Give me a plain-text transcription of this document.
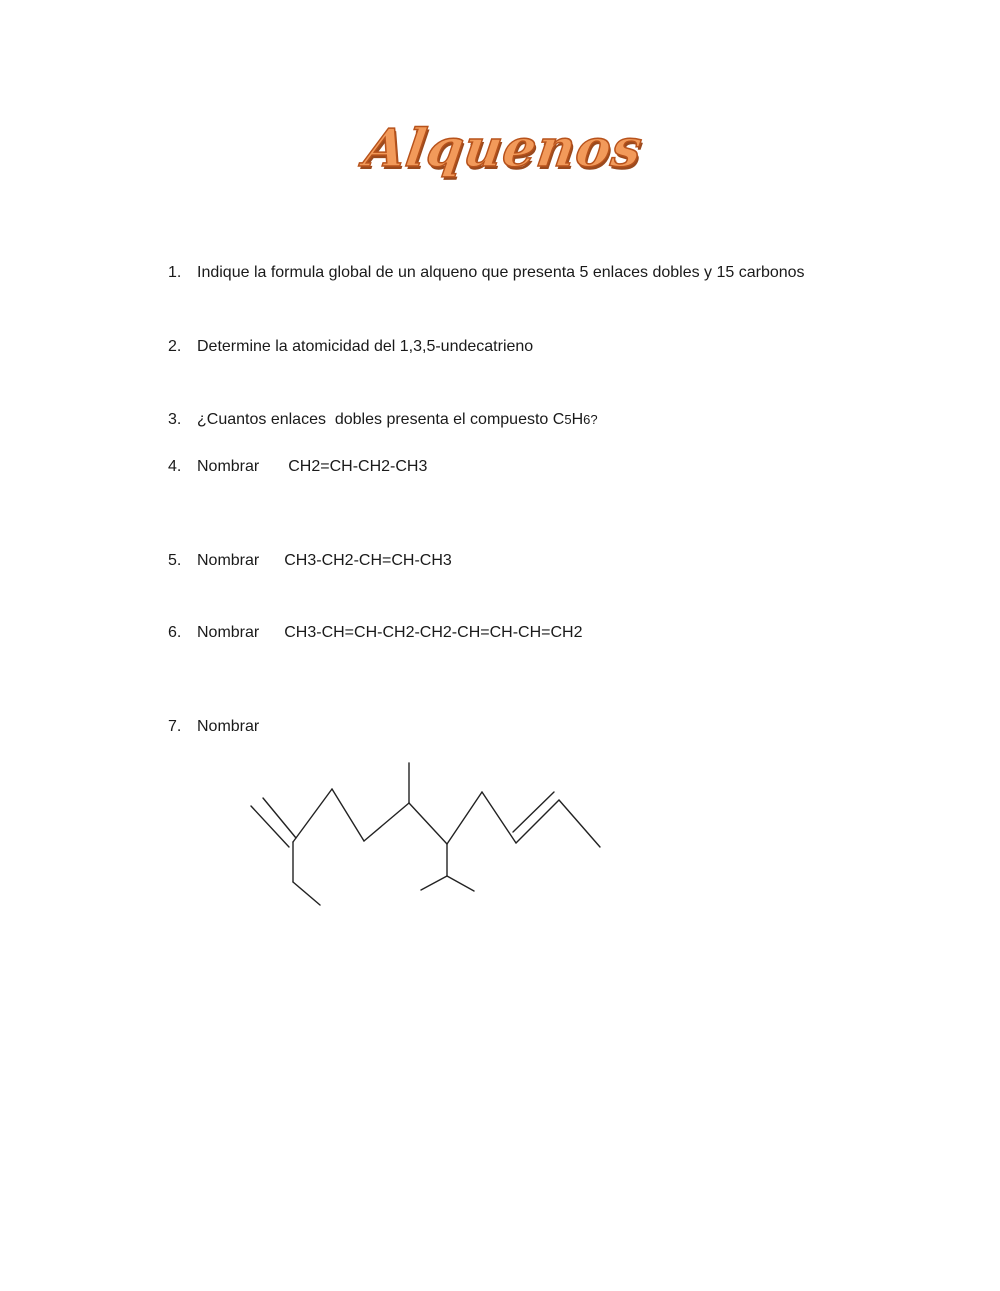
Alquenos
1. Indique la formula global de un alqueno que presenta 5 enlaces dobles y 15 carbonos
2. Determine la atomicidad del 1,3,5-undecatrieno
3. ¿Cuantos enlaces  dobles presenta el compuesto C5H6?
4. Nombrar CH2=CH-CH2-CH3
5. Nombrar CH3-CH2-CH=CH-CH3
6. Nombrar CH3-CH=CH-CH2-CH2-CH=CH-CH=CH2
7. Nombrar
